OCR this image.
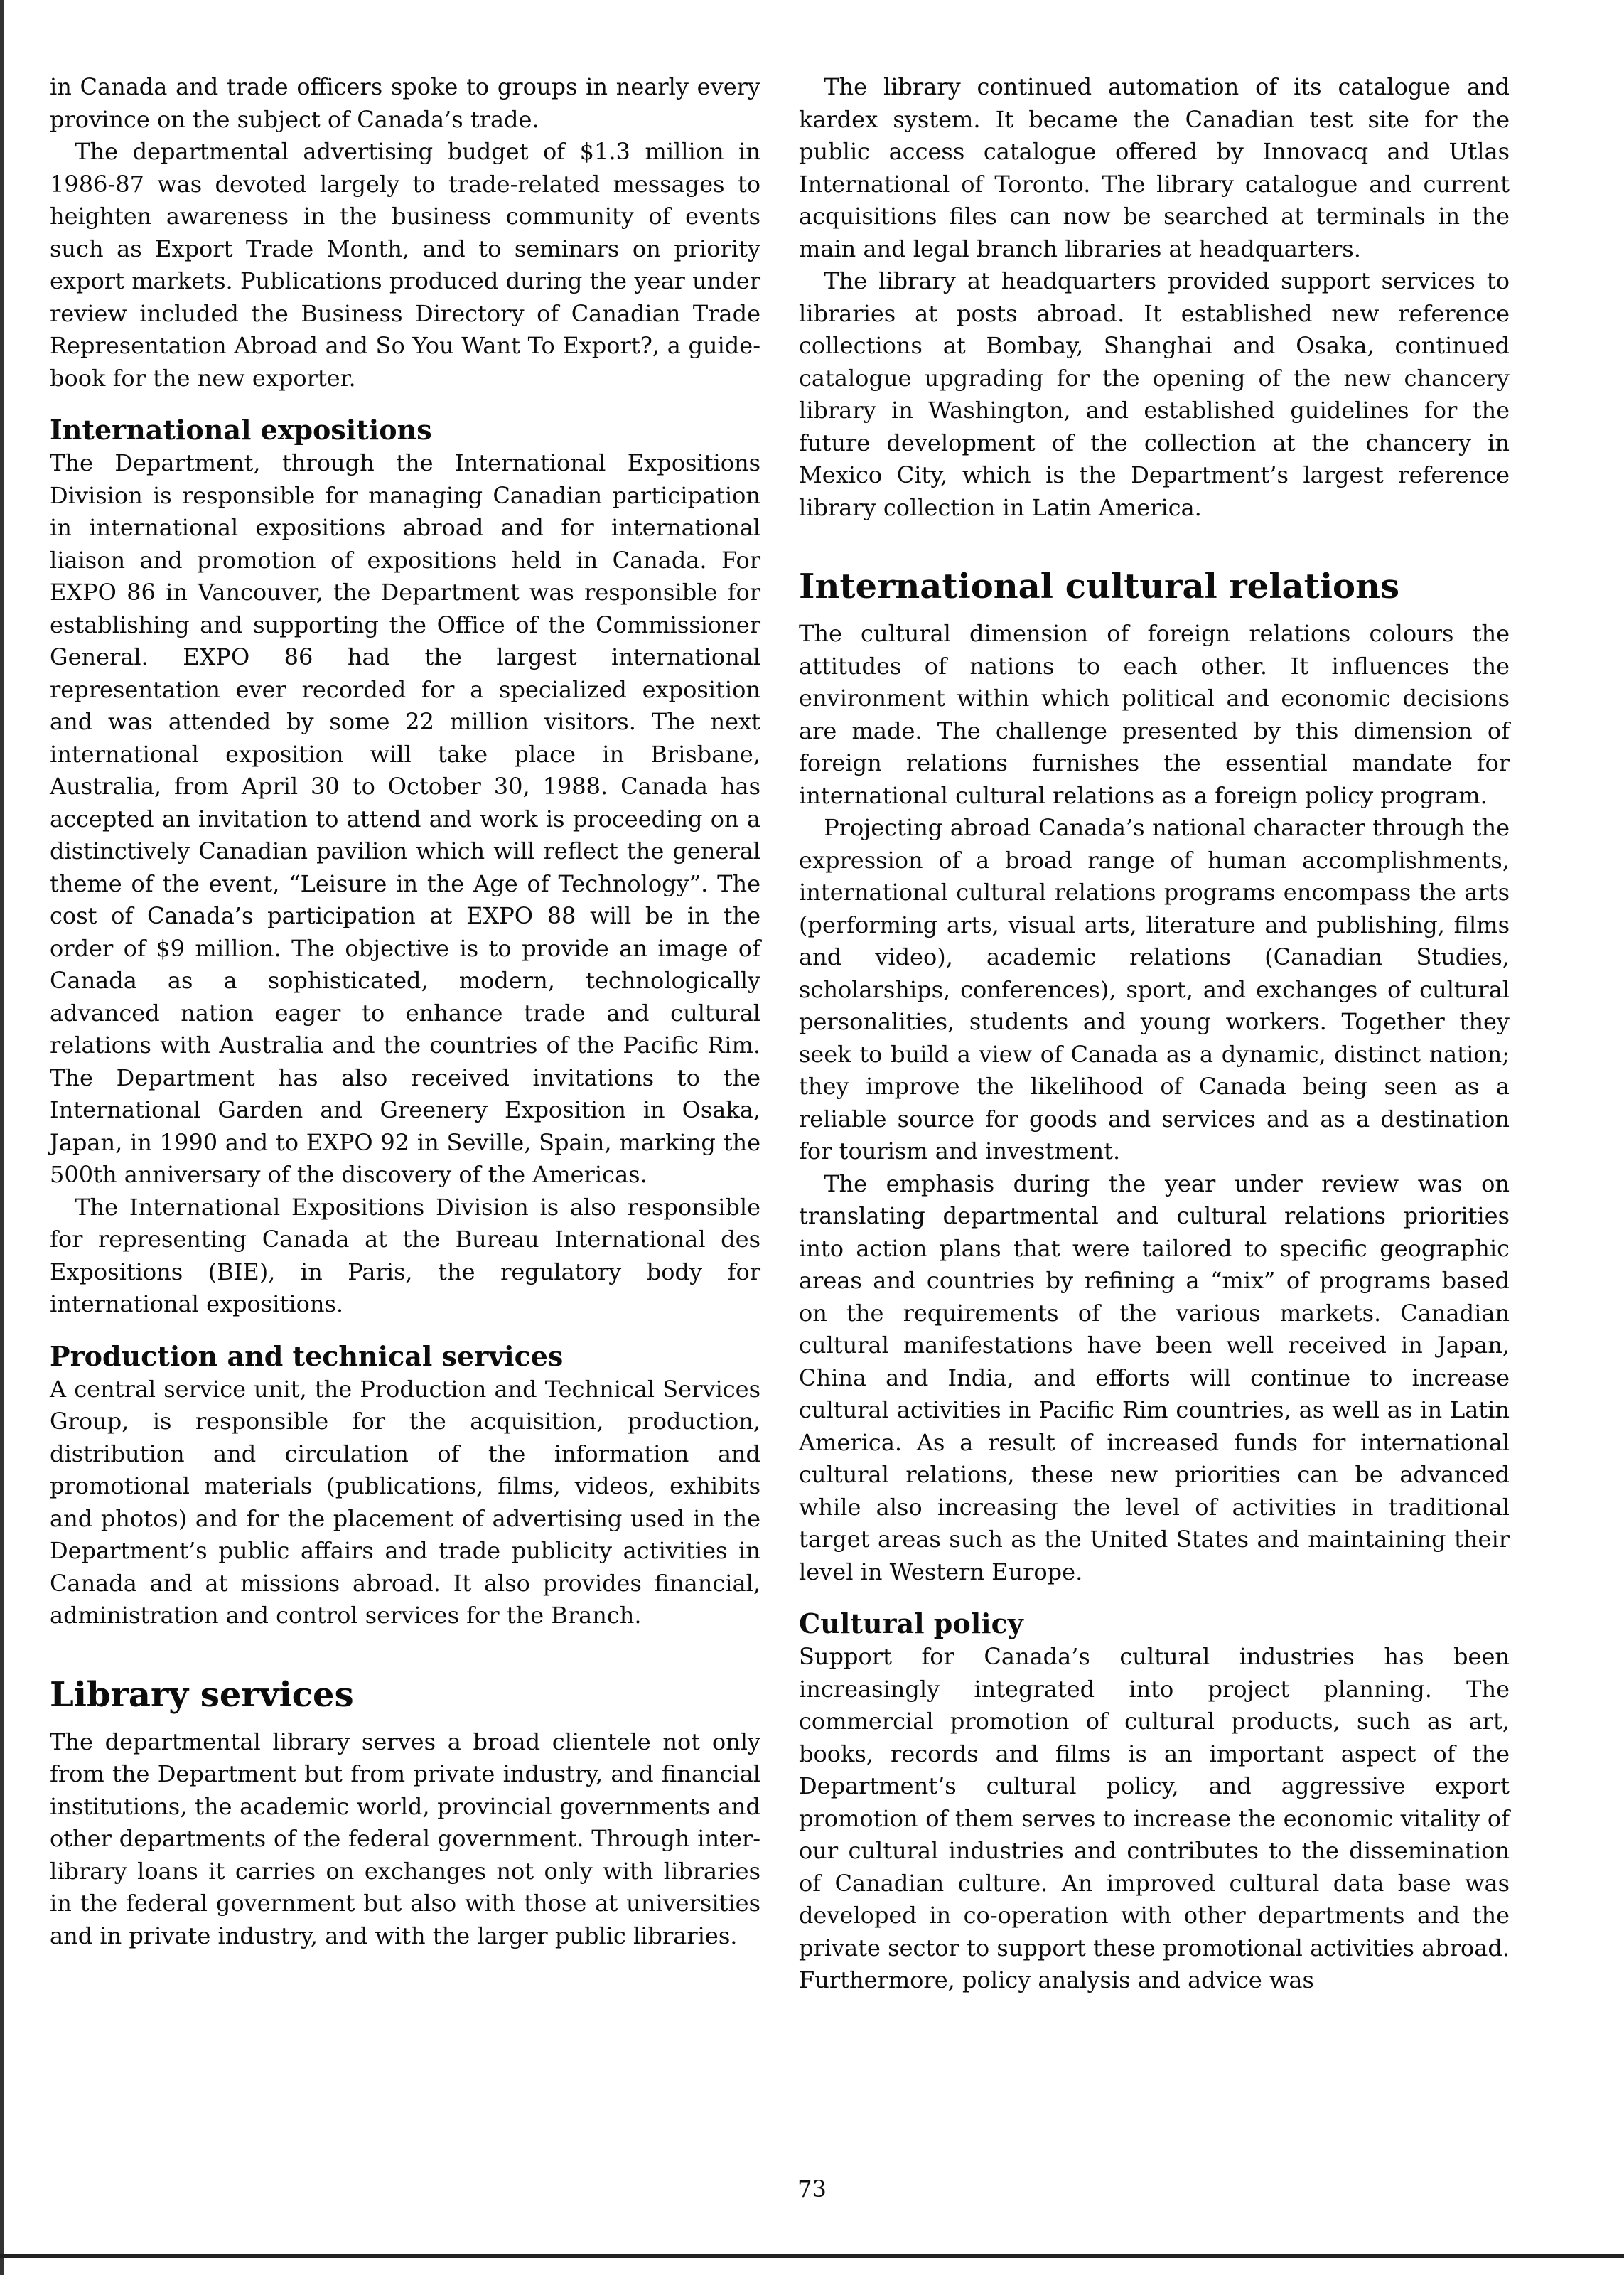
in Canada and trade officers spoke to groups in nearly every province on the subject of Canada’s trade.

The departmental advertising budget of $1.3 million in 1986-87 was devoted largely to trade-related messages to heighten awareness in the business community of events such as Export Trade Month, and to seminars on priority export markets. Publications produced during the year under review included the Business Directory of Canadian Trade Representation Abroad and So You Want To Export?, a guide-book for the new exporter.

International expositions

The Department, through the International Expositions Division is responsible for managing Canadian participation in international expositions abroad and for international liaison and promotion of expositions held in Canada. For EXPO 86 in Vancouver, the Department was responsible for establishing and supporting the Office of the Commissioner General. EXPO 86 had the largest international representation ever recorded for a specialized exposition and was attended by some 22 million visitors. The next international exposition will take place in Brisbane, Australia, from April 30 to October 30, 1988. Canada has accepted an invitation to attend and work is proceeding on a distinctively Canadian pavilion which will reflect the general theme of the event, “Leisure in the Age of Technology”. The cost of Canada’s participation at EXPO 88 will be in the order of $9 million. The objective is to provide an image of Canada as a sophisticated, modern, technologically advanced nation eager to enhance trade and cultural relations with Australia and the countries of the Pacific Rim. The Department has also received invitations to the International Garden and Greenery Exposition in Osaka, Japan, in 1990 and to EXPO 92 in Seville, Spain, marking the 500th anniversary of the discovery of the Americas.

The International Expositions Division is also responsible for representing Canada at the Bureau International des Expositions (BIE), in Paris, the regulatory body for international expositions.

Production and technical services

A central service unit, the Production and Technical Services Group, is responsible for the acquisition, production, distribution and circulation of the information and promotional materials (publications, films, videos, exhibits and photos) and for the placement of advertising used in the Department’s public affairs and trade publicity activities in Canada and at missions abroad. It also provides financial, administration and control services for the Branch.

Library services

The departmental library serves a broad clientele not only from the Department but from private industry, and financial institutions, the academic world, provincial governments and other departments of the federal government. Through inter-library loans it carries on exchanges not only with libraries in the federal government but also with those at universities and in private industry, and with the larger public libraries.

The library continued automation of its catalogue and kardex system. It became the Canadian test site for the public access catalogue offered by Innovacq and Utlas International of Toronto. The library catalogue and current acquisitions files can now be searched at terminals in the main and legal branch libraries at headquarters.

The library at headquarters provided support services to libraries at posts abroad. It established new reference collections at Bombay, Shanghai and Osaka, continued catalogue upgrading for the opening of the new chancery library in Washington, and established guidelines for the future development of the collection at the chancery in Mexico City, which is the Department’s largest reference library collection in Latin America.

International cultural relations

The cultural dimension of foreign relations colours the attitudes of nations to each other. It influences the environment within which political and economic decisions are made. The challenge presented by this dimension of foreign relations furnishes the essential mandate for international cultural relations as a foreign policy program.

Projecting abroad Canada’s national character through the expression of a broad range of human accomplishments, international cultural relations programs encompass the arts (performing arts, visual arts, literature and publishing, films and video), academic relations (Canadian Studies, scholarships, conferences), sport, and exchanges of cultural personalities, students and young workers. Together they seek to build a view of Canada as a dynamic, distinct nation; they improve the likelihood of Canada being seen as a reliable source for goods and services and as a destination for tourism and investment.

The emphasis during the year under review was on translating departmental and cultural relations priorities into action plans that were tailored to specific geographic areas and countries by refining a “mix” of programs based on the requirements of the various markets. Canadian cultural manifestations have been well received in Japan, China and India, and efforts will continue to increase cultural activities in Pacific Rim countries, as well as in Latin America. As a result of increased funds for international cultural relations, these new priorities can be advanced while also increasing the level of activities in traditional target areas such as the United States and maintaining their level in Western Europe.

Cultural policy

Support for Canada’s cultural industries has been increasingly integrated into project planning. The commercial promotion of cultural products, such as art, books, records and films is an important aspect of the Department’s cultural policy, and aggressive export promotion of them serves to increase the economic vitality of our cultural industries and contributes to the dissemination of Canadian culture. An improved cultural data base was developed in co-operation with other departments and the private sector to support these promotional activities abroad. Furthermore, policy analysis and advice was

73
